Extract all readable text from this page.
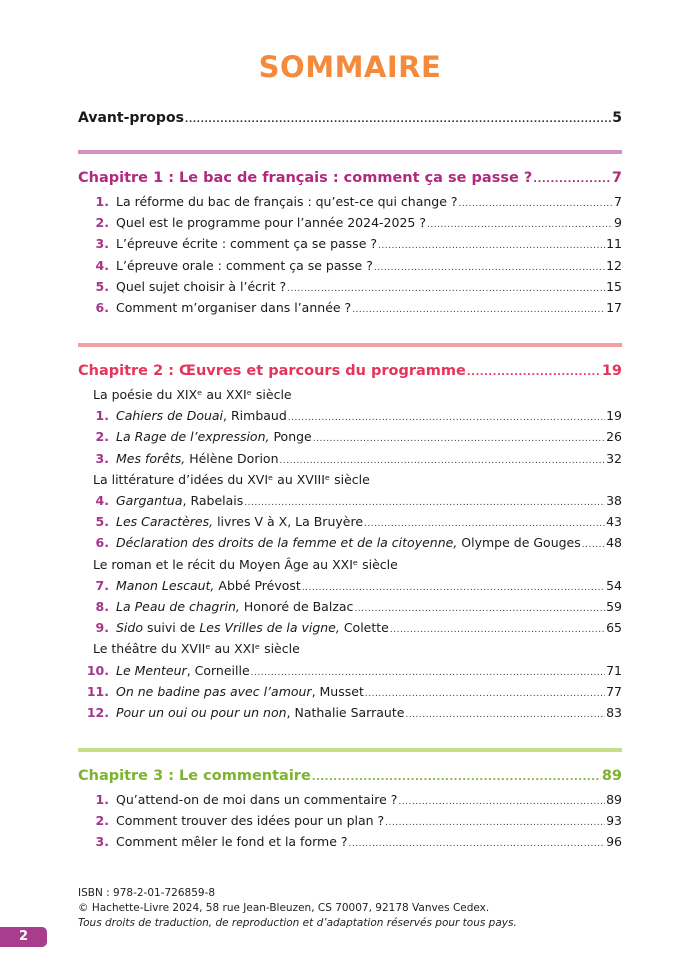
SOMMAIRE
Avant-propos .....	5
Chapitre 1 : Le bac de français : comment ça se passe ? .....	7
1. La réforme du bac de français : qu’est-ce qui change ? .....	7
2. Quel est le programme pour l’année 2024-2025 ? .....	9
3. L’épreuve écrite : comment ça se passe ? .....	11
4. L’épreuve orale : comment ça se passe ? .....	12
5. Quel sujet choisir à l’écrit ? .....	15
6. Comment m’organiser dans l’année ? .....	17
Chapitre 2 : Œuvres et parcours du programme .....	19
La poésie du XIXᵉ au XXIᵉ siècle
1. Cahiers de Douai, Rimbaud .....	19
2. La Rage de l’expression, Ponge .....	26
3. Mes forêts, Hélène Dorion .....	32
La littérature d’idées du XVIᵉ au XVIIIᵉ siècle
4. Gargantua, Rabelais .....	38
5. Les Caractères, livres V à X, La Bruyère .....	43
6. Déclaration des droits de la femme et de la citoyenne, Olympe de Gouges ..... 48
Le roman et le récit du Moyen Âge au XXIᵉ siècle
7. Manon Lescaut, Abbé Prévost .....	54
8. La Peau de chagrin, Honoré de Balzac .....	59
9. Sido suivi de Les Vrilles de la vigne, Colette .....	65
Le théâtre du XVIIᵉ au XXIᵉ siècle
10. Le Menteur, Corneille .....	71
11. On ne badine pas avec l’amour, Musset .....	77
12. Pour un oui ou pour un non, Nathalie Sarraute .....	83
Chapitre 3 : Le commentaire .....	89
1. Qu’attend-on de moi dans un commentaire ? .....	89
2. Comment trouver des idées pour un plan ? .....	93
3. Comment mêler le fond et la forme ? .....	96
ISBN : 978-2-01-726859-8
© Hachette-Livre 2024, 58 rue Jean-Bleuzen, CS 70007, 92178 Vanves Cedex.
Tous droits de traduction, de reproduction et d’adaptation réservés pour tous pays.
2
